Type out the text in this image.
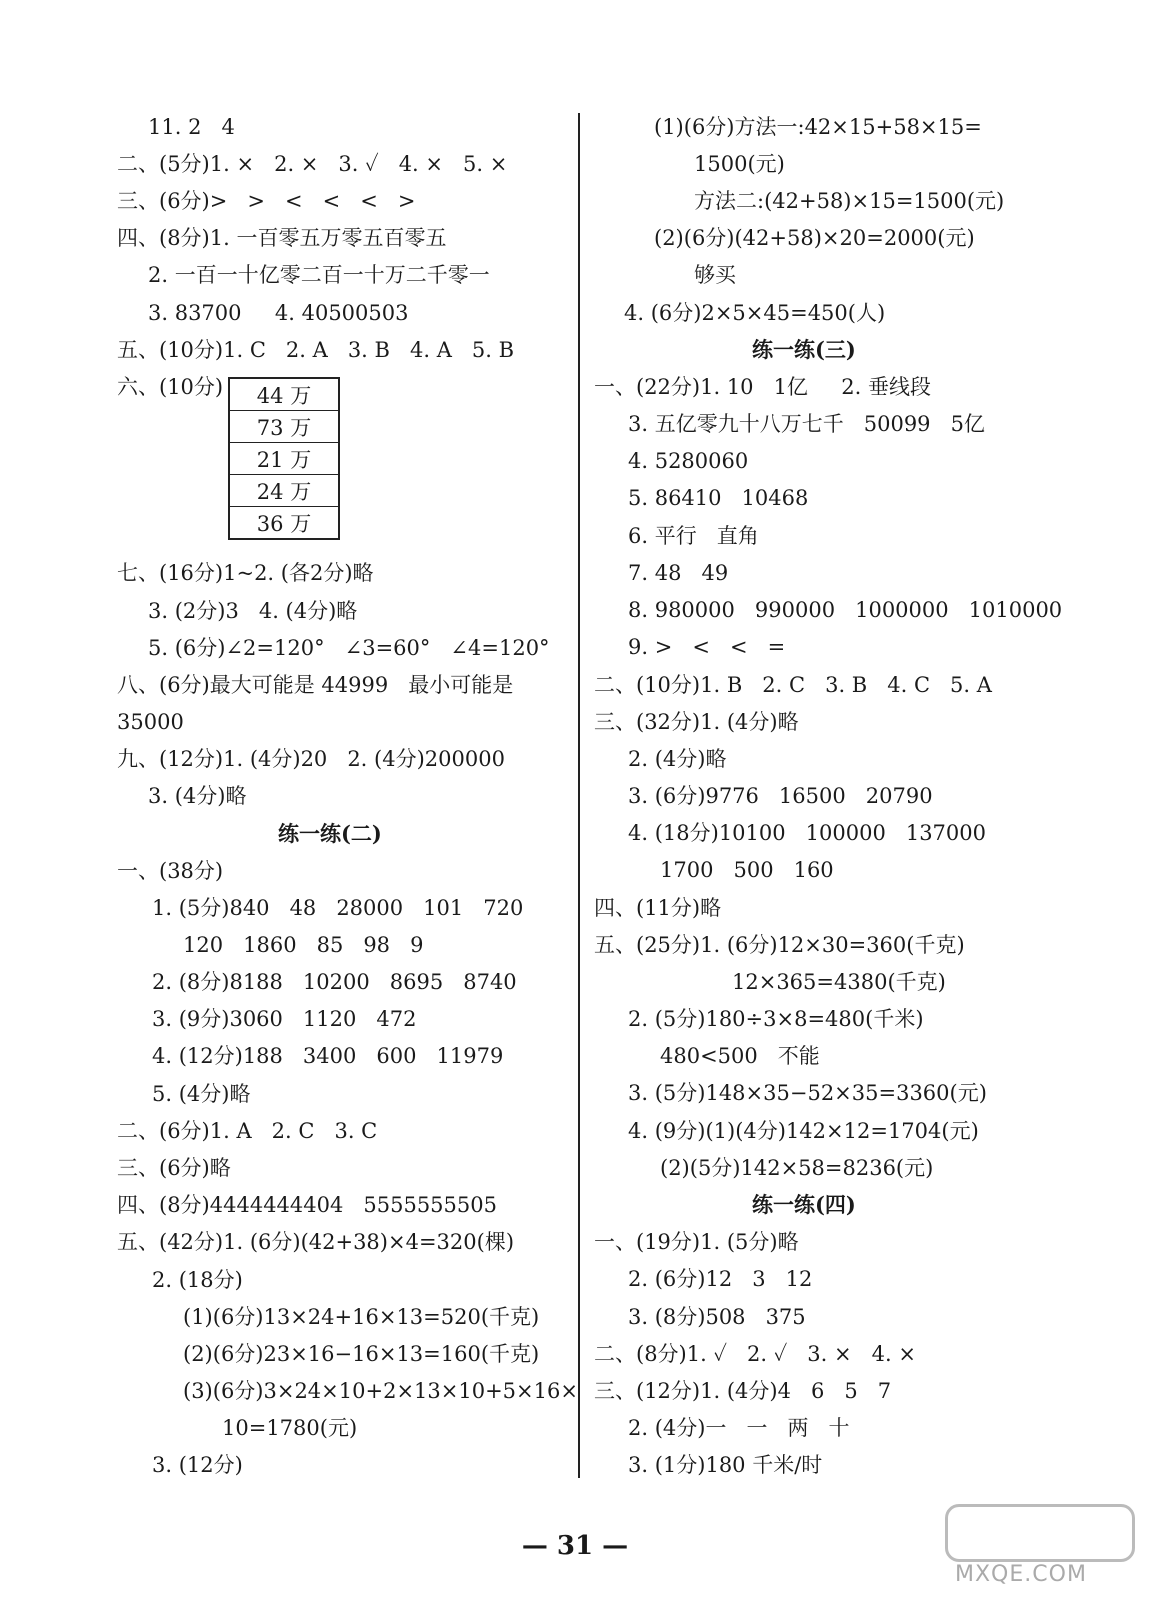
11. 2   4
二、(5分)1. ×   2. ×   3. ✓   4. ×   5. ×
三、(6分)>   >   <   <   <   >
四、(8分)1. 一百零五万零五百零五
2. 一百一十亿零二百一十万二千零一
3. 83700     4. 40500503
五、(10分)1. C   2. A   3. B   4. A   5. B
六、(10分) 44 万
73 万
21 万
24 万
36 万
七、(16分)1~2. (各2分)略
3. (2分)3   4. (4分)略
5. (6分)∠2=120°   ∠3=60°   ∠4=120°
八、(6分)最大可能是 44999   最小可能是
35000
九、(12分)1. (4分)20   2. (4分)200000
3. (4分)略
练一练(二)
一、(38分)
1. (5分)840   48   28000   101   720
120   1860   85   98   9
2. (8分)8188   10200   8695   8740
3. (9分)3060   1120   472
4. (12分)188   3400   600   11979
5. (4分)略
二、(6分)1. A   2. C   3. C
三、(6分)略
四、(8分)4444444404   5555555505
五、(42分)1. (6分)(42+38)×4=320(棵)
2. (18分)
(1)(6分)13×24+16×13=520(千克)
(2)(6分)23×16−16×13=160(千克)
(3)(6分)3×24×10+2×13×10+5×16×
10=1780(元)
3. (12分)
(1)(6分)方法一:42×15+58×15=
1500(元)
方法二:(42+58)×15=1500(元)
(2)(6分)(42+58)×20=2000(元)
够买
4. (6分)2×5×45=450(人)
练一练(三)
一、(22分)1. 10   1亿     2. 垂线段
3. 五亿零九十八万七千   50099   5亿
4. 5280060
5. 86410   10468
6. 平行   直角
7. 48   49
8. 980000   990000   1000000   1010000
9. >   <   <   =
二、(10分)1. B   2. C   3. B   4. C   5. A
三、(32分)1. (4分)略
2. (4分)略
3. (6分)9776   16500   20790
4. (18分)10100   100000   137000
1700   500   160
四、(11分)略
五、(25分)1. (6分)12×30=360(千克)
12×365=4380(千克)
2. (5分)180÷3×8=480(千米)
480<500   不能
3. (5分)148×35−52×35=3360(元)
4. (9分)(1)(4分)142×12=1704(元)
(2)(5分)142×58=8236(元)
练一练(四)
一、(19分)1. (5分)略
2. (6分)12   3   12
3. (8分)508   375
二、(8分)1. ✓   2. ✓   3. ×   4. ×
三、(12分)1. (4分)4   6   5   7
2. (4分)一   一   两   十
3. (1分)180 千米/时
— 31 —
MXQE.COM
